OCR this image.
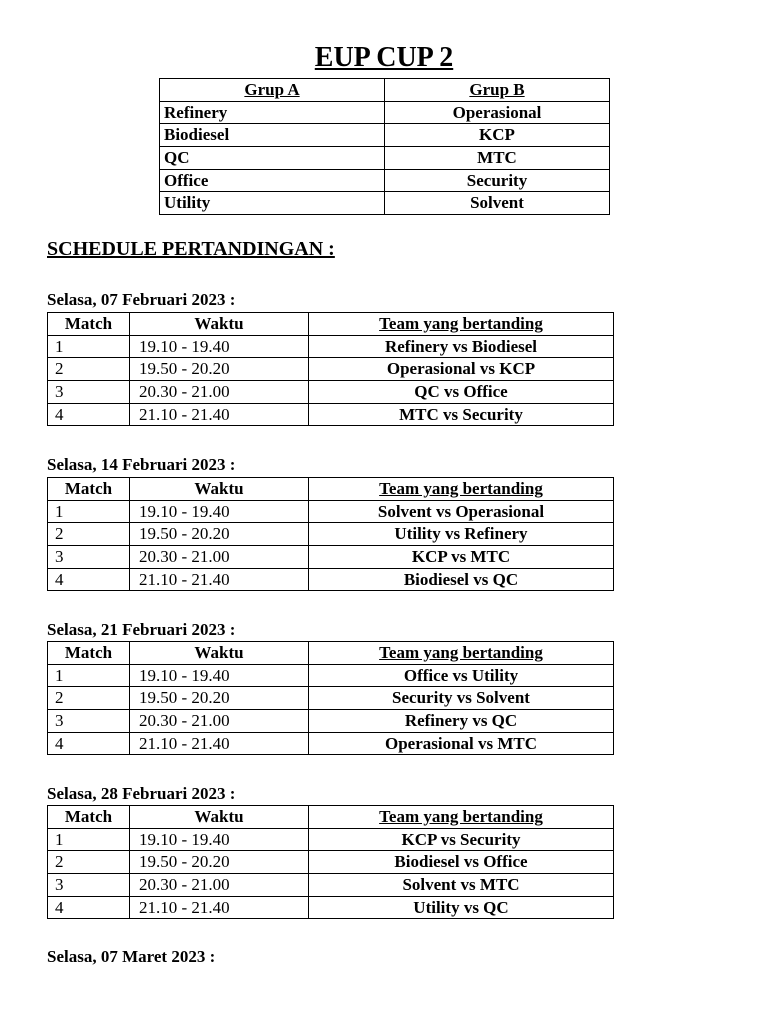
EUP CUP 2
Grup A	Grup B
Refinery	Operasional
Biodiesel	KCP
QC	MTC
Office	Security
Utility	Solvent
SCHEDULE PERTANDINGAN :
Selasa, 07 Februari 2023 :
Match	Waktu	Team yang bertanding
1	19.10 - 19.40	Refinery vs Biodiesel
2	19.50 - 20.20	Operasional vs KCP
3	20.30 - 21.00	QC vs Office
4	21.10 - 21.40	MTC vs Security
Selasa, 14 Februari 2023 :
Match	Waktu	Team yang bertanding
1	19.10 - 19.40	Solvent vs Operasional
2	19.50 - 20.20	Utility vs Refinery
3	20.30 - 21.00	KCP vs MTC
4	21.10 - 21.40	Biodiesel vs QC
Selasa, 21 Februari 2023 :
Match	Waktu	Team yang bertanding
1	19.10 - 19.40	Office vs Utility
2	19.50 - 20.20	Security vs Solvent
3	20.30 - 21.00	Refinery vs QC
4	21.10 - 21.40	Operasional vs MTC
Selasa, 28 Februari 2023 :
Match	Waktu	Team yang bertanding
1	19.10 - 19.40	KCP vs Security
2	19.50 - 20.20	Biodiesel vs Office
3	20.30 - 21.00	Solvent vs MTC
4	21.10 - 21.40	Utility vs QC
Selasa, 07 Maret 2023 :
